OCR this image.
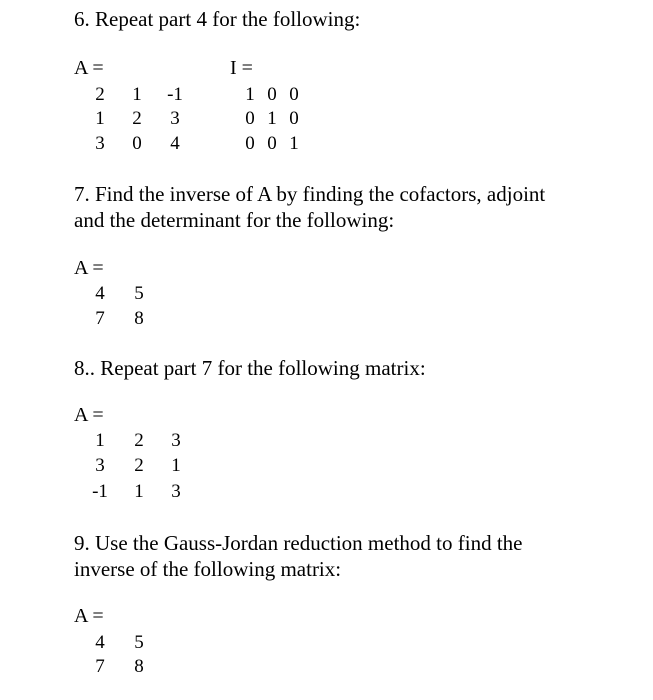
6. Repeat part 4 for the following:
A =
2	1	-1
1	2	3
3	0	4
I =
1 0 0
0 1 0
0 0 1
7. Find the inverse of A by finding the cofactors, adjoint
and the determinant for the following:
A =
4	5
7	8
8.. Repeat part 7 for the following matrix:
A =
1	2	3
3	2	1
-1	1	3
9. Use the Gauss-Jordan reduction method to find the
inverse of the following matrix:
A =
4	5
7	8
